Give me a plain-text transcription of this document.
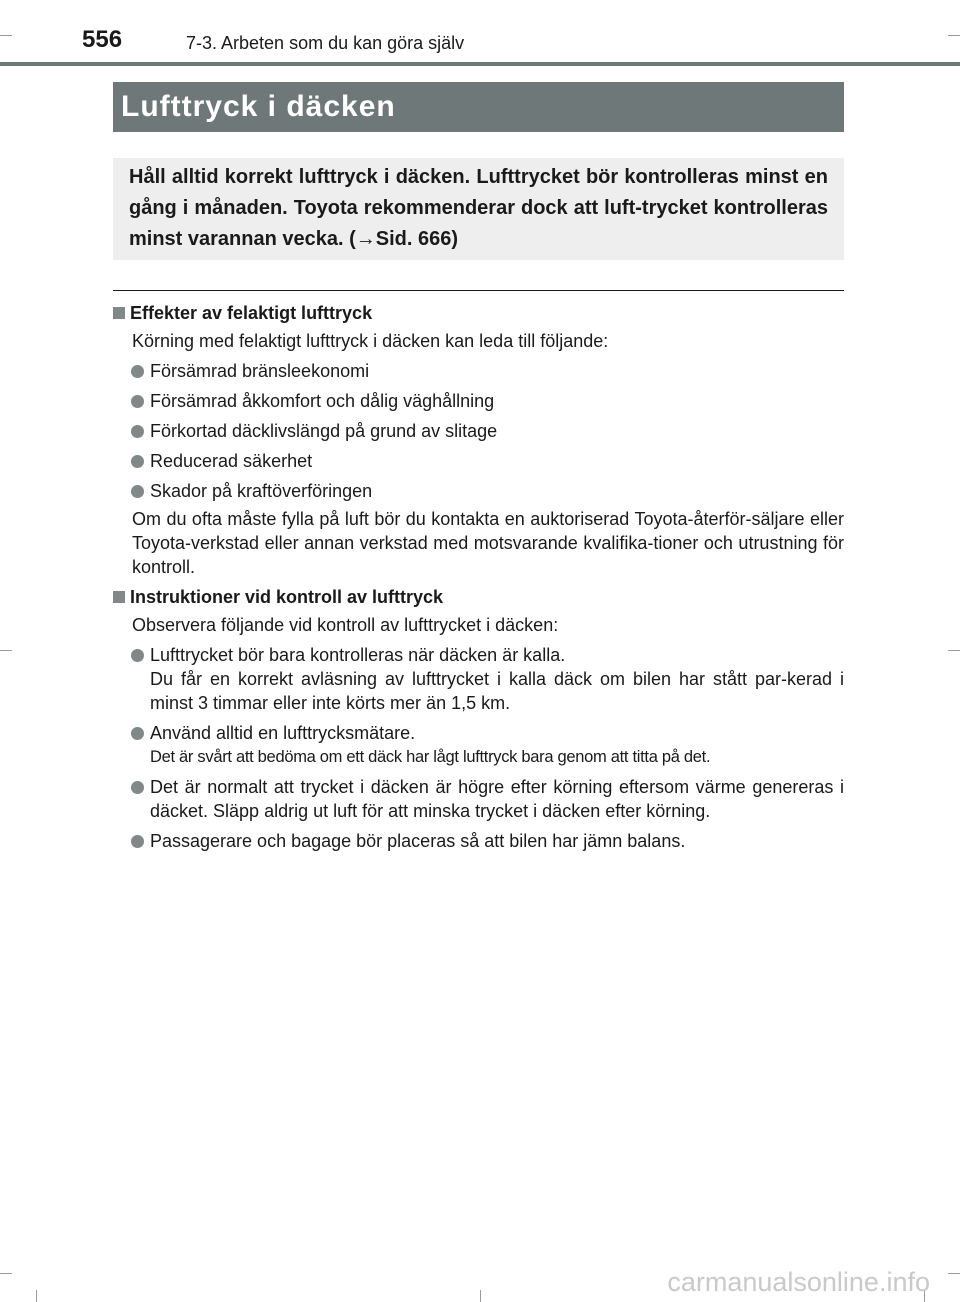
556	7-3. Arbeten som du kan göra själv
Lufttryck i däcken

Håll alltid korrekt lufttryck i däcken. Lufttrycket bör kontrolleras minst en gång i månaden. Toyota rekommenderar dock att luft-trycket kontrolleras minst varannan vecka. (→Sid. 666)

Effekter av felaktigt lufttryck

Körning med felaktigt lufttryck i däcken kan leda till följande:

Försämrad bränsleekonomi
Försämrad åkkomfort och dålig väghållning
Förkortad däcklivslängd på grund av slitage
Reducerad säkerhet
Skador på kraftöverföringen

Om du ofta måste fylla på luft bör du kontakta en auktoriserad Toyota-återför-säljare eller Toyota-verkstad eller annan verkstad med motsvarande kvalifika-tioner och utrustning för kontroll.

Instruktioner vid kontroll av lufttryck

Observera följande vid kontroll av lufttrycket i däcken:

Lufttrycket bör bara kontrolleras när däcken är kalla.
Du får en korrekt avläsning av lufttrycket i kalla däck om bilen har stått par-kerad i minst 3 timmar eller inte körts mer än 1,5 km.
Använd alltid en lufttrycksmätare.
Det är svårt att bedöma om ett däck har lågt lufttryck bara genom att titta på det.
Det är normalt att trycket i däcken är högre efter körning eftersom värme genereras i däcket. Släpp aldrig ut luft för att minska trycket i däcken efter körning.
Passagerare och bagage bör placeras så att bilen har jämn balans.
carmanualsonline.info
